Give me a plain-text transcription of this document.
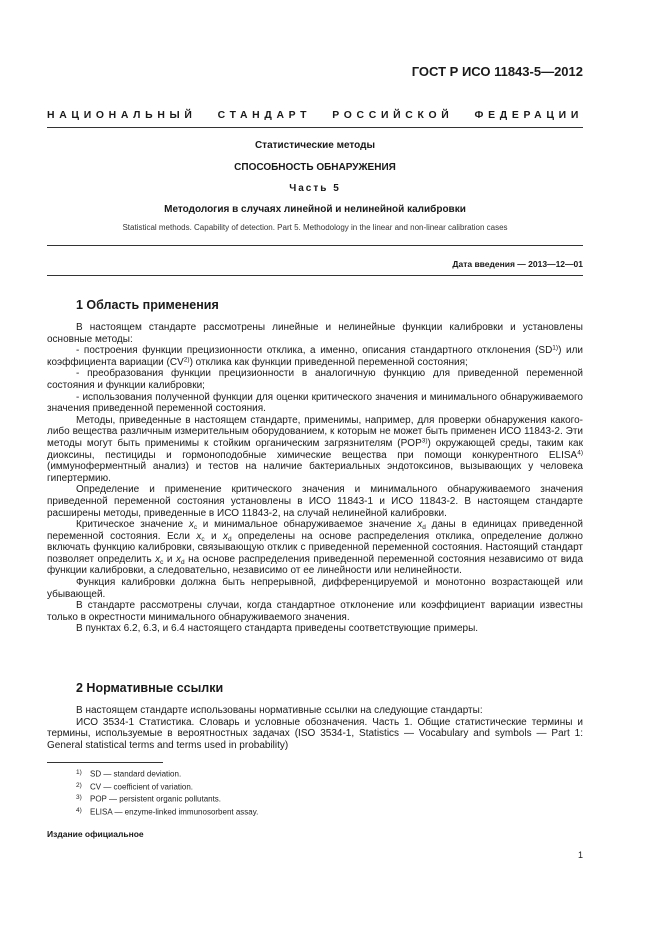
ГОСТ Р ИСО 11843-5—2012
НАЦИОНАЛЬНЫЙ СТАНДАРТ РОССИЙСКОЙ ФЕДЕРАЦИИ
Статистические методы
СПОСОБНОСТЬ ОБНАРУЖЕНИЯ
Часть 5
Методология в случаях линейной и нелинейной калибровки
Statistical methods. Capability of detection. Part 5. Methodology in the linear and non-linear calibration cases
Дата введения — 2013—12—01
1 Область применения

В настоящем стандарте рассмотрены линейные и нелинейные функции калибровки и установлены основные методы:

- построения функции прецизионности отклика, а именно, описания стандартного отклонения (SD$^{1)}$) или коэффициента вариации (CV$^{2)}$) отклика как функции приведенной переменной состояния;

- преобразования функции прецизионности в аналогичную функцию для приведенной переменной состояния и функции калибровки;

- использования полученной функции для оценки критического значения и минимального обнаруживаемого значения приведенной переменной состояния.

Методы, приведенные в настоящем стандарте, применимы, например, для проверки обнаружения какого-либо вещества различным измерительным оборудованием, к которым не может быть применен ИСО 11843-2. Эти методы могут быть применимы к стойким органическим загрязнителям (POP$^{3)}$) окружающей среды, таким как диоксины, пестициды и гормоноподобные химические вещества при помощи конкурентного ELISA$^{4)}$ (иммуноферментный анализ) и тестов на наличие бактериальных эндотоксинов, вызывающих у человека гипертермию.

Определение и применение критического значения и минимального обнаруживаемого значения приведенной переменной состояния установлены в ИСО 11843-1 и ИСО 11843-2. В настоящем стандарте расширены методы, приведенные в ИСО 11843-2, на случай нелинейной калибровки.

Критическое значение $x_c$ и минимальное обнаруживаемое значение $x_d$ даны в единицах приведенной переменной состояния. Если $x_c$ и $x_d$ определены на основе распределения отклика, определение должно включать функцию калибровки, связывающую отклик с приведенной переменной состояния. Настоящий стандарт позволяет определить $x_c$ и $x_d$ на основе распределения приведенной переменной состояния независимо от вида функции калибровки, а следовательно, независимо от ее линейности или нелинейности.

Функция калибровки должна быть непрерывной, дифференцируемой и монотонно возрастающей или убывающей.

В стандарте рассмотрены случаи, когда стандартное отклонение или коэффициент вариации известны только в окрестности минимального обнаруживаемого значения.

В пунктах 6.2, 6.3, и 6.4 настоящего стандарта приведены соответствующие примеры.

2 Нормативные ссылки

В настоящем стандарте использованы нормативные ссылки на следующие стандарты:

ИСО 3534-1 Статистика. Словарь и условные обозначения. Часть 1. Общие статистические термины и термины, используемые в вероятностных задачах (ISO 3534-1, Statistics — Vocabulary and symbols — Part 1: General statistical terms and terms used in probability)

1) SD — standard deviation.
2) CV — coefficient of variation.
3) POP — persistent organic pollutants.
4) ELISA — enzyme-linked immunosorbent assay.
Издание официальное
1
